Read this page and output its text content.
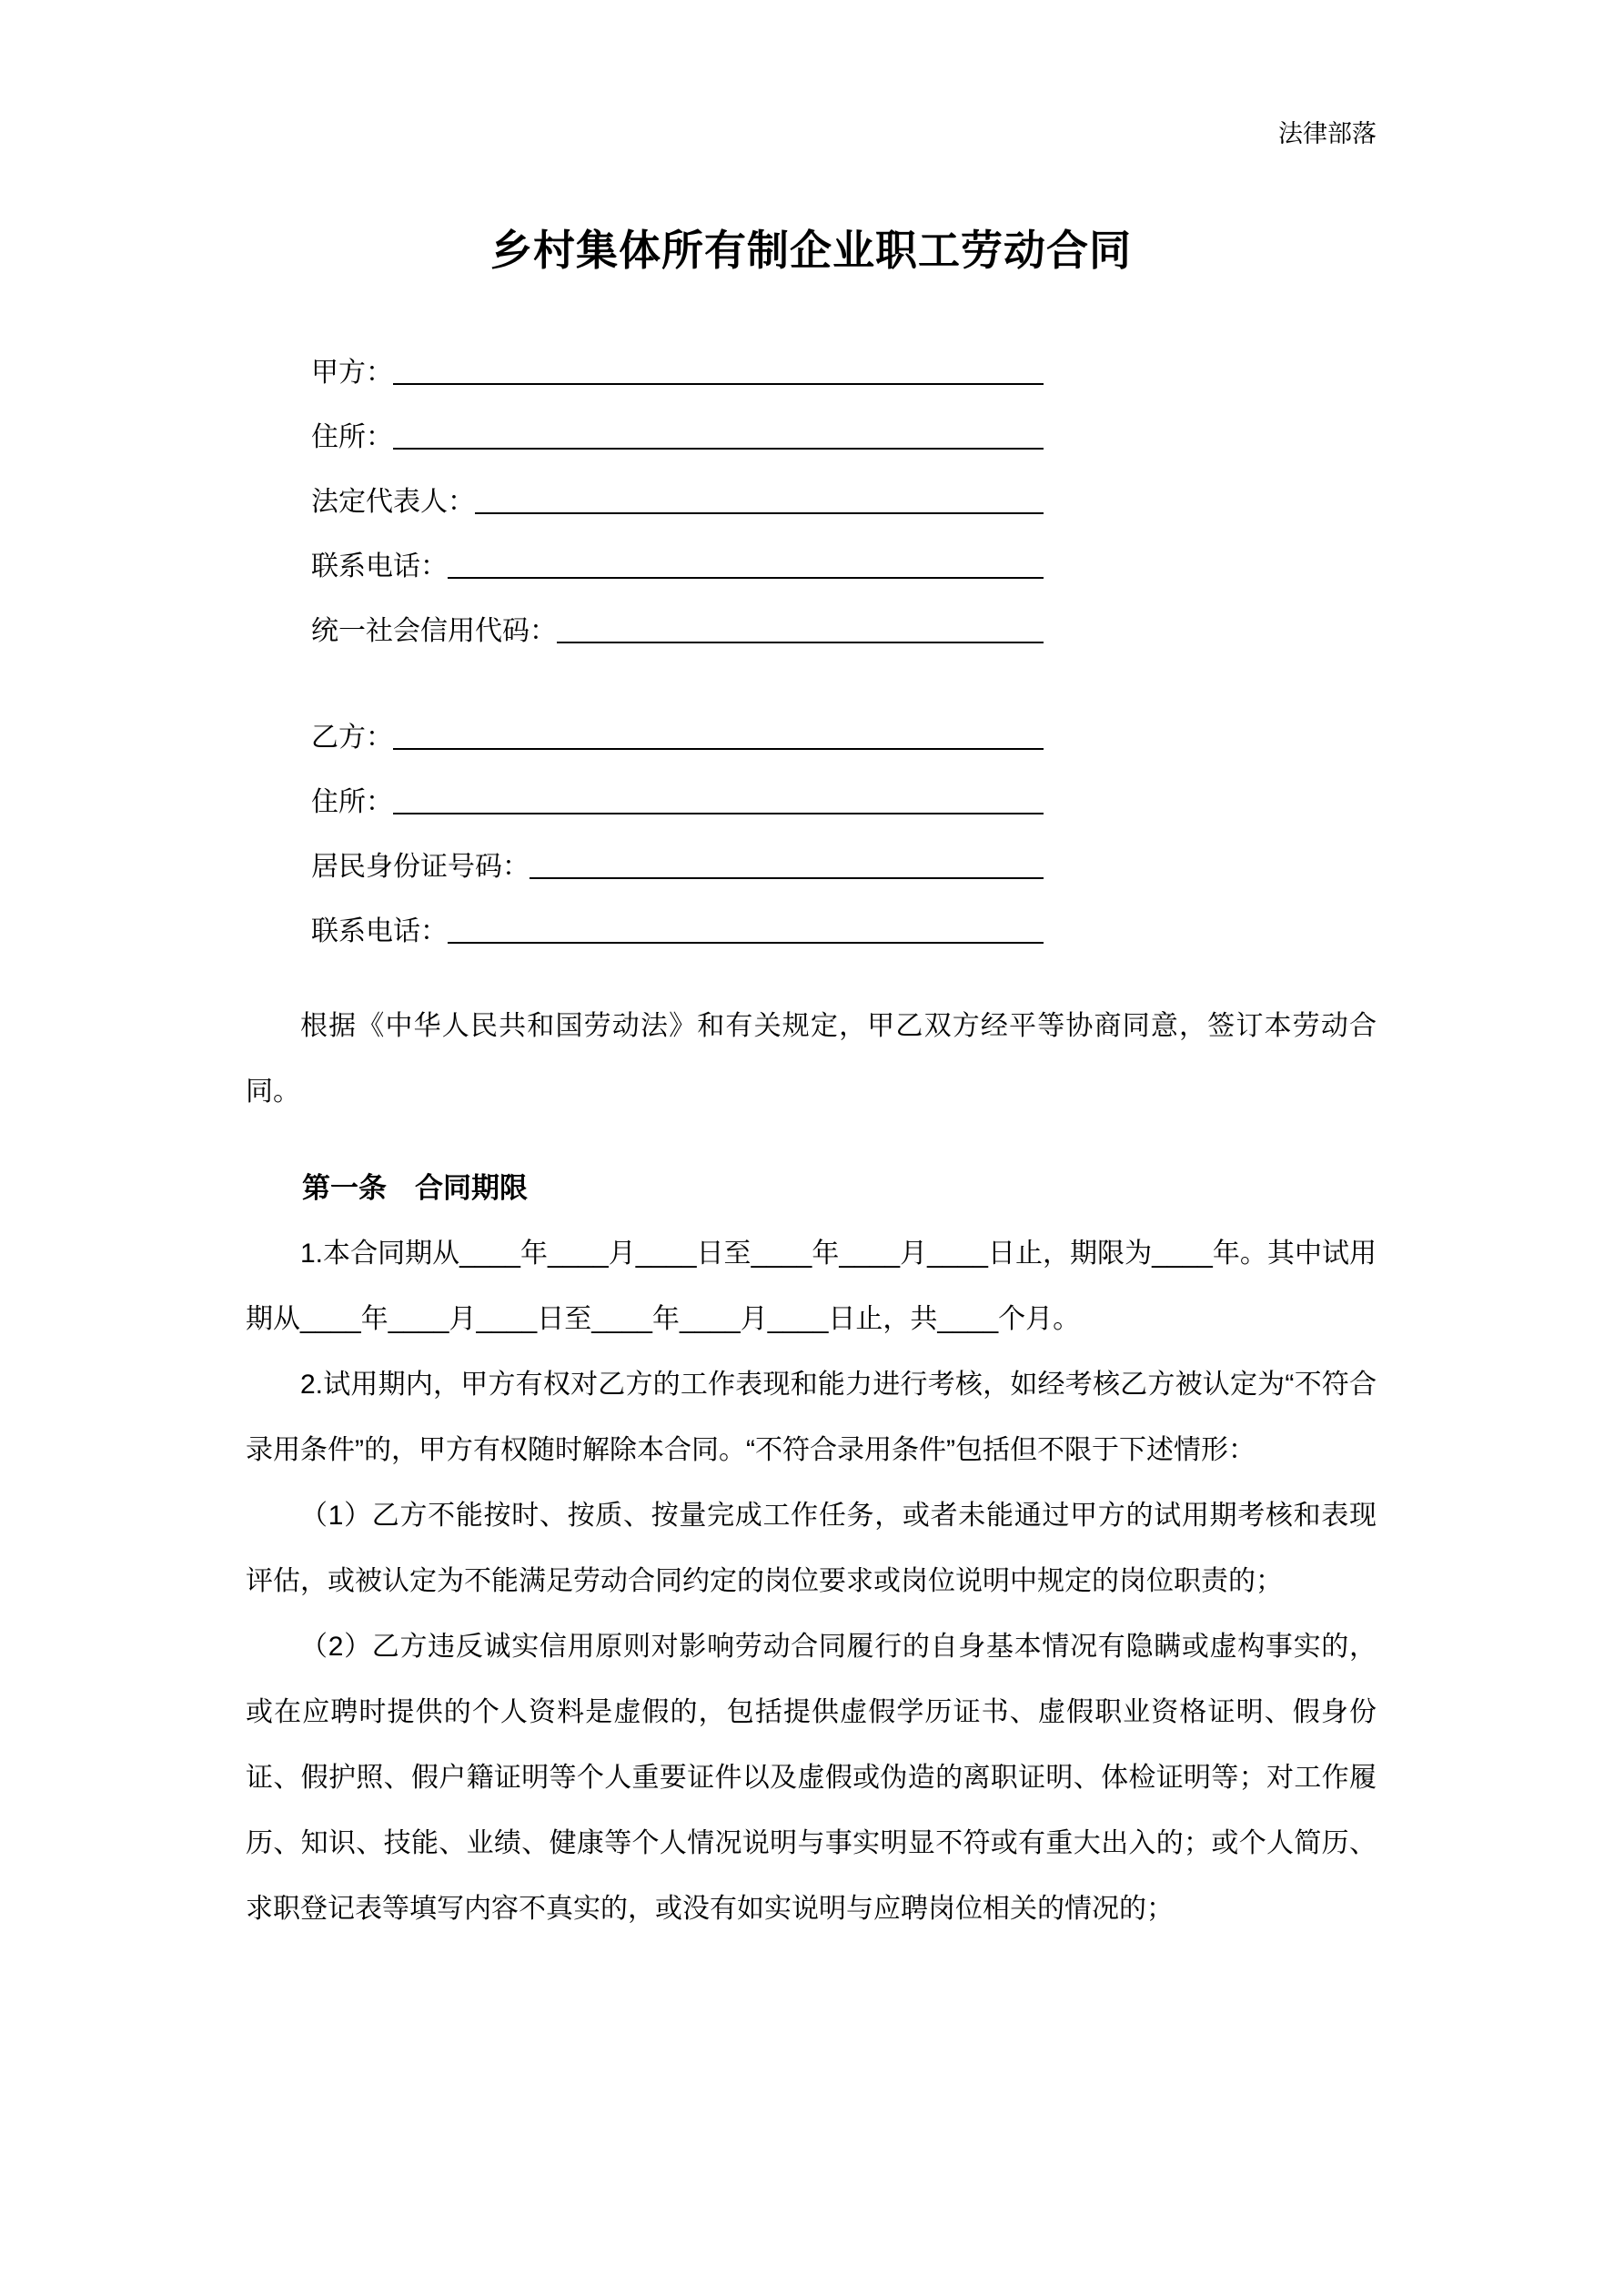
法律部落
乡村集体所有制企业职工劳动合同
甲方：
住所：
法定代表人：
联系电话：
统一社会信用代码：
乙方：
住所：
居民身份证号码：
联系电话：

根据《中华人民共和国劳动法》和有关规定，甲乙双方经平等协商同意，签订本劳动合同。

第一条　合同期限

1.本合同期从____年____月____日至____年____月____日止，期限为____年。其中试用期从____年____月____日至____年____月____日止，共____个月。

2.试用期内，甲方有权对乙方的工作表现和能力进行考核，如经考核乙方被认定为“不符合录用条件”的，甲方有权随时解除本合同。“不符合录用条件”包括但不限于下述情形：

（1）乙方不能按时、按质、按量完成工作任务，或者未能通过甲方的试用期考核和表现评估，或被认定为不能满足劳动合同约定的岗位要求或岗位说明中规定的岗位职责的；

（2）乙方违反诚实信用原则对影响劳动合同履行的自身基本情况有隐瞒或虚构事实的，或在应聘时提供的个人资料是虚假的，包括提供虚假学历证书、虚假职业资格证明、假身份证、假护照、假户籍证明等个人重要证件以及虚假或伪造的离职证明、体检证明等；对工作履历、知识、技能、业绩、健康等个人情况说明与事实明显不符或有重大出入的；或个人简历、求职登记表等填写内容不真实的，或没有如实说明与应聘岗位相关的情况的；
